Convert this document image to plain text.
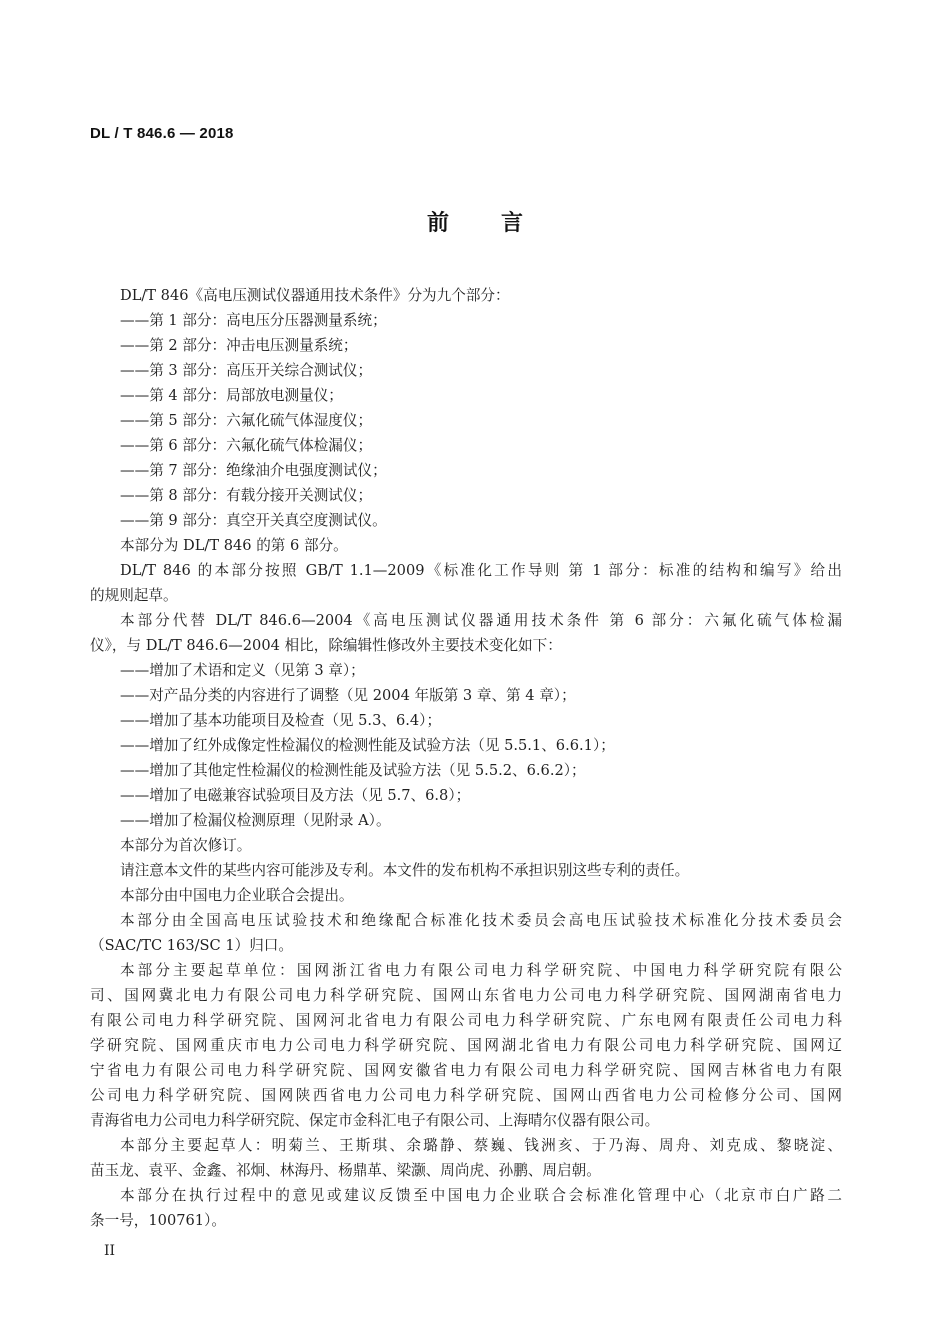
DL / T 846.6 — 2018
前言
DL/T 846《高电压测试仪器通用技术条件》分为九个部分：
——第 1 部分：高电压分压器测量系统；
——第 2 部分：冲击电压测量系统；
——第 3 部分：高压开关综合测试仪；
——第 4 部分：局部放电测量仪；
——第 5 部分：六氟化硫气体湿度仪；
——第 6 部分：六氟化硫气体检漏仪；
——第 7 部分：绝缘油介电强度测试仪；
——第 8 部分：有载分接开关测试仪；
——第 9 部分：真空开关真空度测试仪。
本部分为 DL/T 846 的第 6 部分。
DL/T 846 的本部分按照 GB/T 1.1—2009《标准化工作导则 第 1 部分：标准的结构和编写》给出
的规则起草。
本部分代替 DL/T 846.6—2004《高电压测试仪器通用技术条件 第 6 部分：六氟化硫气体检漏
仪》，与 DL/T 846.6—2004 相比，除编辑性修改外主要技术变化如下：
——增加了术语和定义（见第 3 章）；
——对产品分类的内容进行了调整（见 2004 年版第 3 章、第 4 章）；
——增加了基本功能项目及检查（见 5.3、6.4）；
——增加了红外成像定性检漏仪的检测性能及试验方法（见 5.5.1、6.6.1）；
——增加了其他定性检漏仪的检测性能及试验方法（见 5.5.2、6.6.2）；
——增加了电磁兼容试验项目及方法（见 5.7、6.8）；
——增加了检漏仪检测原理（见附录 A）。
本部分为首次修订。
请注意本文件的某些内容可能涉及专利。本文件的发布机构不承担识别这些专利的责任。
本部分由中国电力企业联合会提出。
本部分由全国高电压试验技术和绝缘配合标准化技术委员会高电压试验技术标准化分技术委员会
（SAC/TC 163/SC 1）归口。
本部分主要起草单位：国网浙江省电力有限公司电力科学研究院、中国电力科学研究院有限公
司、国网冀北电力有限公司电力科学研究院、国网山东省电力公司电力科学研究院、国网湖南省电力
有限公司电力科学研究院、国网河北省电力有限公司电力科学研究院、广东电网有限责任公司电力科
学研究院、国网重庆市电力公司电力科学研究院、国网湖北省电力有限公司电力科学研究院、国网辽
宁省电力有限公司电力科学研究院、国网安徽省电力有限公司电力科学研究院、国网吉林省电力有限
公司电力科学研究院、国网陕西省电力公司电力科学研究院、国网山西省电力公司检修分公司、国网
青海省电力公司电力科学研究院、保定市金科汇电子有限公司、上海晴尔仪器有限公司。
本部分主要起草人：明菊兰、王斯琪、余璐静、蔡巍、钱洲亥、于乃海、周舟、刘克成、黎晓淀、
苗玉龙、袁平、金鑫、祁炯、林海丹、杨鼎革、梁灏、周尚虎、孙鹏、周启朝。
本部分在执行过程中的意见或建议反馈至中国电力企业联合会标准化管理中心（北京市白广路二
条一号，100761）。
II
